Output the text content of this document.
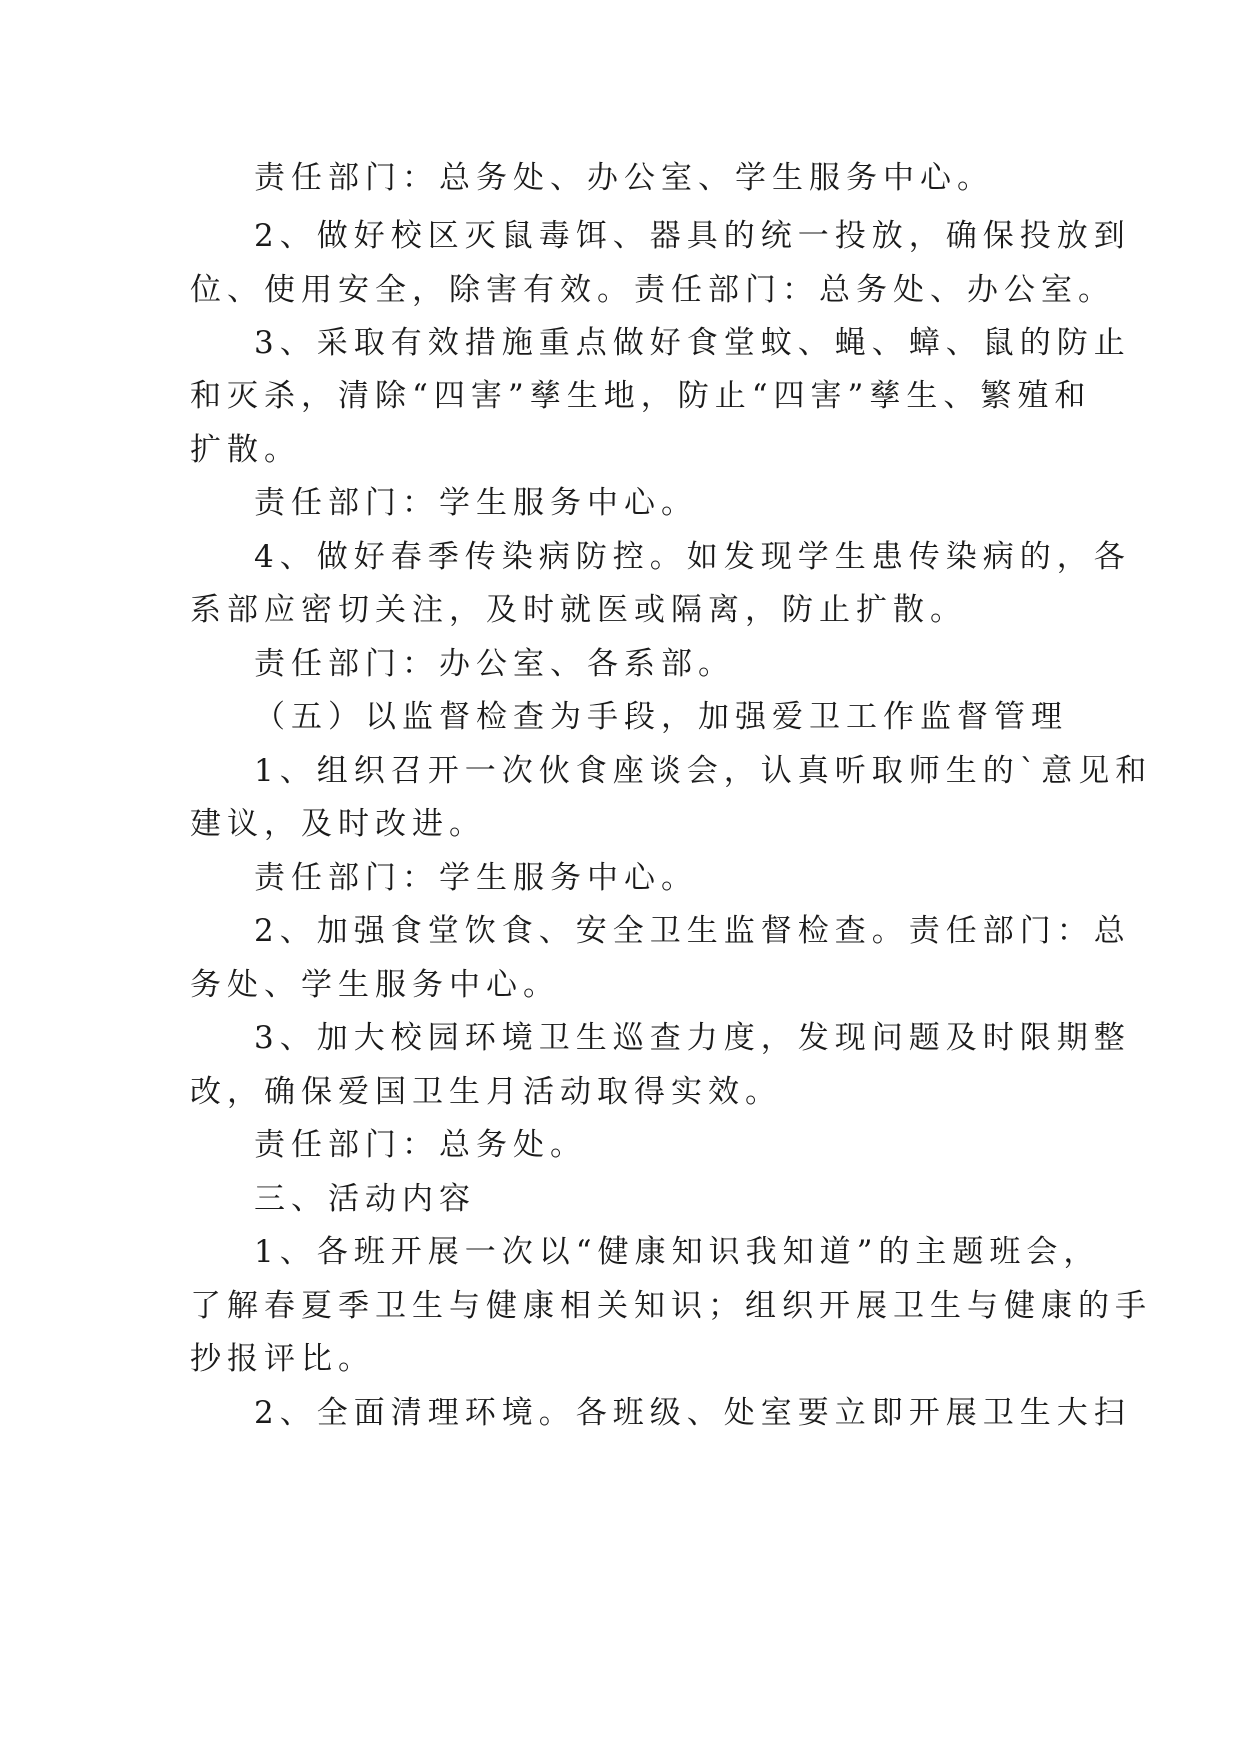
责任部门：总务处、办公室、学生服务中心。
2、做好校区灭鼠毒饵、器具的统一投放，确保投放到
位、使用安全，除害有效。责任部门：总务处、办公室。
3、采取有效措施重点做好食堂蚊、蝇、蟑、鼠的防止
和灭杀，清除“四害”孳生地，防止“四害”孳生、繁殖和
扩散。
责任部门：学生服务中心。
4、做好春季传染病防控。如发现学生患传染病的，各
系部应密切关注，及时就医或隔离，防止扩散。
责任部门：办公室、各系部。
（五）以监督检查为手段，加强爱卫工作监督管理
1、组织召开一次伙食座谈会，认真听取师生的`意见和
建议，及时改进。
责任部门：学生服务中心。
2、加强食堂饮食、安全卫生监督检查。责任部门：总
务处、学生服务中心。
3、加大校园环境卫生巡查力度，发现问题及时限期整
改，确保爱国卫生月活动取得实效。
责任部门：总务处。
三、活动内容
1、各班开展一次以“健康知识我知道”的主题班会，
了解春夏季卫生与健康相关知识；组织开展卫生与健康的手
抄报评比。
2、全面清理环境。各班级、处室要立即开展卫生大扫
